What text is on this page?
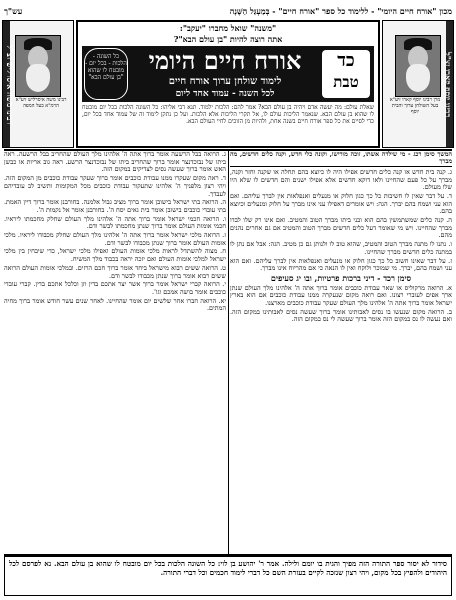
מכון "אורח חיים היומי" - ללימוד כל ספר "אורח חיים" - בְּמַעְגַּל הַשָּׁנָה
עש"ך
רבינו יוסף קארו זצ"ל
מרן רבינו יוסף קארו זיע"א בעל השולחן ערוך והבית יוסף
"משנה" שואל מחברו "יעקב":
אתה רוצה להיות "בן עולם הבא"?
כד
טבת
אורח חיים היומי
לימוד שולחן ערוך אורח חיים
לכל השנה - עמוד אחד ליום
כל השונה - הלכות - בכל יום - מובטח לו שהוא "בן עולם הבא"
שאלת עולם: מה יעשה אדם ויהיה בן עולם הבא? אמר להם: הלכות ילמוד. תנא דבי אליהו: כל השונה הלכות בכל יום מובטח לו שהוא בן עולם הבא. שנאמר הליכות עולם לו, אל תקרי הליכות אלא הלכות. ועל כן נתקן לימוד זה של עמוד אחד בכל יום, כדי לסיים את כל ספר אורח חיים בשנה אחת, ולהיות מן הזוכים לחיי העולם הבא.
רבינו משה איסרליש זצ"ל רבינו משה איסרליש זיע"א הרמ"א בעל המפה
המשך סימן רכג - מי שילדה אשתו, זוכה מורישו, וקונה כלי חדש, וקנה כלים חדשים, מה מברך

ג. קנה בית חדש או קנה כלים חדשים אפילו היה לו כיוצא בהם תחלה או שקנה וחזר וקנה, מברך על כל פעם שהחיינו ולאו דוקא חדשים אלא אפילו ישנים והם חדשים לו שלא היו שלו מעולם.

ד. על דבר שאין לו חשיבות כל כך כגון חלוק או מנעלים ואנפלאות אין לברך עליהם. ואם הוא עני ושמח בהם יברך. הגה: ויש אומרים דאפילו עני אינו מברך על חלוק ומנעלים וכיוצא בהם.

ה. קנה כלים שמשתמשין בהם הוא ובני ביתו מברך הטוב והמטיב. ואם אינו רק שלו לבדו מברך שהחיינו. ויש מי שאומר דעל כלים חדשים מברך הטוב והמטיב אם גם אחרים נהנים מהם.

ו. נתנו לו מתנה מברך הטוב והמטיב, שהוא טוב לו ולנותן גם כן מטיב. הגה: אבל אם נתן לו במתנה כלים חדשים מברך שהחיינו.

ז. על דבר שאינו חשוב כל כך כגון חלוק או מנעלים ואנפלאות אין לברך עליהם. ואם הוא עני ושמח בהם, יברך. מי שמוכר ולוקח ואין לו הנאה כי אם מהריוח אינו מברך.

סימן רכד - דיני ברכות פרטיות, ובו יג סעיפים

א. הרואה מרקוליס או שאר עבודת כוכבים אומר ברוך אתה ה' אלהינו מלך העולם שנתן ארך אפים לעוברי רצונו. ואם רואה מקום שנעקרה ממנו עבודת כוכבים אם הוא בארץ ישראל אומר ברוך אתה ה' אלהינו מלך העולם שעקר עבודת כוכבים מארצנו.

ב. הרואה מקום שנעשו בו נסים לאבותינו אומר ברוך שעשה נסים לאבותינו במקום הזה. ואם נעשה לו נס במקום הזה אומר ברוך שעשה לי נס במקום הזה.

ג. הרואה בבל הרשעה אומר ברוך אתה ה' אלהינו מלך העולם שהחריב בבל הרשעה. ראה ביתו של נבוכדנצר אומר ברוך שהחריב ביתו של נבוכדנצר הרשע. ראה גוב אריות או כבשן האש אומר ברוך שעשה נסים לצדיקים במקום הזה.

ד. ראה מקום שעקרו ממנו עבודת כוכבים אומר ברוך שעקר עבודת כוכבים מן המקום הזה. ויהי רצון מלפניך ה' אלהינו שתעקור עבודת כוכבים מכל המקומות ותשיב לב עובדיהם לעבדך.

ה. הרואה בתי ישראל בישובן אומר ברוך מציב גבול אלמנה. בחורבנן אומר ברוך דיין האמת. בתי עובדי כוכבים בישובן אומר בית גאים יסח ה'. בחורבנן אומר אל נקמות ה'.

ו. הרואה חכמי ישראל אומר ברוך אתה ה' אלהינו מלך העולם שחלק מחכמתו ליראיו. חכמי אומות העולם אומר ברוך שנתן מחכמתו לבשר ודם.

ז. הרואה מלכי ישראל אומר ברוך אתה ה' אלהינו מלך העולם שחלק מכבודו ליראיו. מלכי אומות העולם אומר ברוך שנתן מכבודו לבשר ודם.

ח. מצוה להשתדל לראות מלכי אומות העולם ואפילו מלכי ישראל, כדי שיבחין בין מלכי ישראל למלכי אומות העולם ואם יזכה יראה בכבוד מלך המשיח.

ט. הרואה ששים רבוא מישראל ביחד אומר ברוך חכם הרזים. ובמלכי אומות העולם הרואה ששים רבוא אומר ברוך שנתן מכבודו לבשר ודם.

י. הרואה קברי ישראל אומר ברוך אשר יצר אתכם בדין וזן וכלכל אתכם בדין. קברי עובדי כוכבים אומר בושה אמכם וגו'.

יא. הרואה חברו אחר שלשים יום אומר שהחיינו. לאחר שנים עשר חודש אומר ברוך מחיה המתים.

סידור לא יסור ספר התורה הזה מפיך והגית בו יומם ולילה. אמר ר' יהושע בן לוי: כל השונה הלכות בכל יום מובטח לו שהוא בן עולם הבא. נא לפרסם לכל היהודים ולהפיץ בכל מקום, ויהי רצון שנזכה לקיים בעזרת השם כל דברי לימוד חכמים וכל דברי התורה.
